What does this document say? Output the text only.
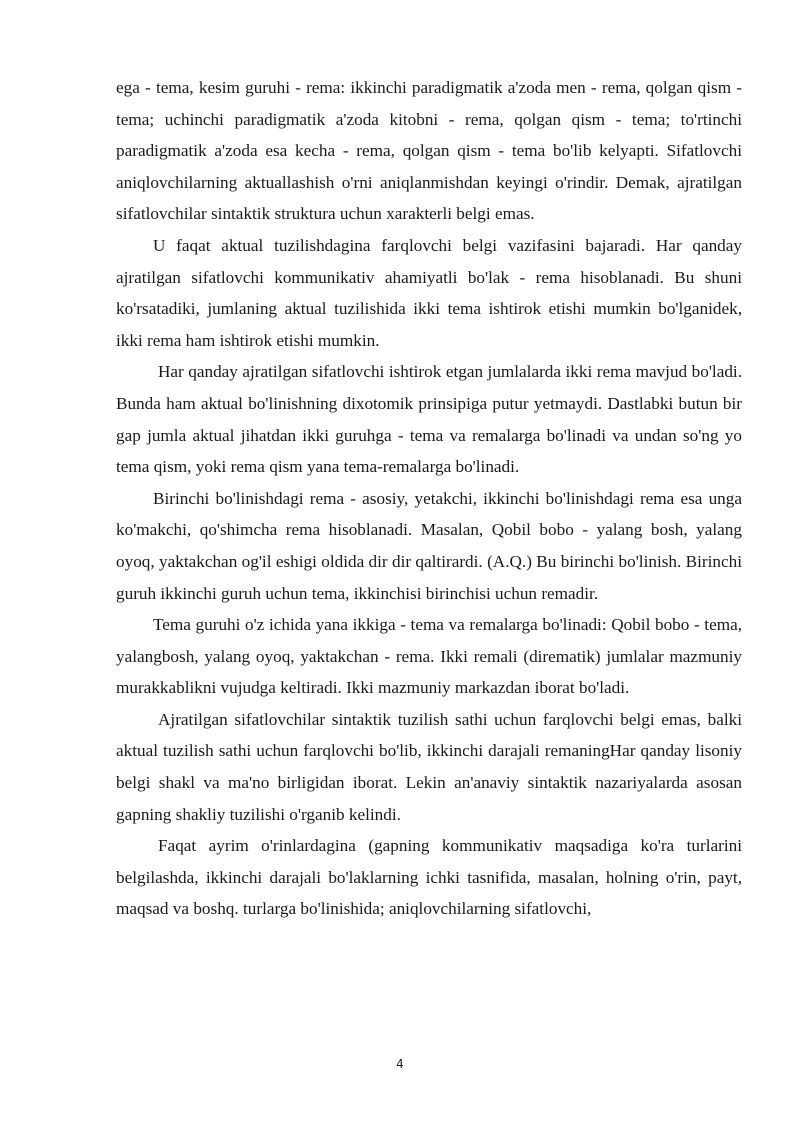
ega - tema, kesim guruhi - rema: ikkinchi paradigmatik a'zoda men - rema, qolgan qism - tema; uchinchi paradigmatik a'zoda kitobni - rema, qolgan qism - tema; to'rtinchi paradigmatik a'zoda esa kecha - rema, qolgan qism - tema bo'lib kelyapti. Sifatlovchi aniqlovchilarning aktuallashish o'rni aniqlanmishdan keyingi o'rindir. Demak, ajratilgan sifatlovchilar sintaktik struktura uchun xarakterli belgi emas.

U faqat aktual tuzilishdagina farqlovchi belgi vazifasini bajaradi. Har qanday ajratilgan sifatlovchi kommunikativ ahamiyatli bo'lak - rema hisoblanadi. Bu shuni ko'rsatadiki, jumlaning aktual tuzilishida ikki tema ishtirok etishi mumkin bo'lganidek, ikki rema ham ishtirok etishi mumkin.

Har qanday ajratilgan sifatlovchi ishtirok etgan jumlalarda ikki rema mavjud bo'ladi. Bunda ham aktual bo'linishning dixotomik prinsipiga putur yetmaydi. Dastlabki butun bir gap jumla aktual jihatdan ikki guruhga - tema va remalarga bo'linadi va undan so'ng yo tema qism, yoki rema qism yana tema-remalarga bo'linadi.

Birinchi bo'linishdagi rema - asosiy, yetakchi, ikkinchi bo'linishdagi rema esa unga ko'makchi, qo'shimcha rema hisoblanadi. Masalan, Qobil bobo - yalang bosh, yalang oyoq, yaktakchan og'il eshigi oldida dir dir qaltirardi. (A.Q.) Bu birinchi bo'linish. Birinchi guruh ikkinchi guruh uchun tema, ikkinchisi birinchisi uchun remadir.

Tema guruhi o'z ichida yana ikkiga - tema va remalarga bo'linadi: Qobil bobo - tema, yalangbosh, yalang oyoq, yaktakchan - rema. Ikki remali (dirematik) jumlalar mazmuniy murakkablikni vujudga keltiradi. Ikki mazmuniy markazdan iborat bo'ladi.

Ajratilgan sifatlovchilar sintaktik tuzilish sathi uchun farqlovchi belgi emas, balki aktual tuzilish sathi uchun farqlovchi bo'lib, ikkinchi darajali remaningHar qanday lisoniy belgi shakl va ma'no birligidan iborat. Lekin an'anaviy sintaktik nazariyalarda asosan gapning shakliy tuzilishi o'rganib kelindi.

Faqat ayrim o'rinlardagina (gapning kommunikativ maqsadiga ko'ra turlarini belgilashda, ikkinchi darajali bo'laklarning ichki tasnifida, masalan, holning o'rin, payt, maqsad va boshq. turlarga bo'linishida; aniqlovchilarning sifatlovchi,

4
